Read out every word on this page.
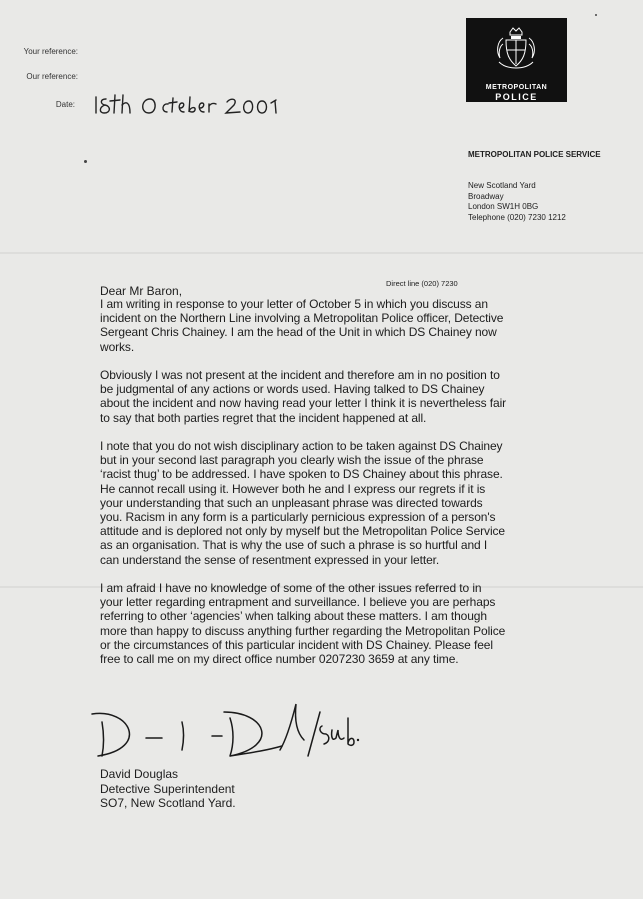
Your reference:
Our reference:
Date:
METROPOLITAN
POLICE
METROPOLITAN POLICE SERVICE
New Scotland Yard
Broadway
London SW1H 0BG
Telephone (020) 7230 1212
Direct line (020) 7230
Dear Mr Baron,

I am writing in response to your letter of October 5 in which you discuss an
incident on the Northern Line involving a Metropolitan Police officer, Detective
Sergeant Chris Chainey. I am the head of the Unit in which DS Chainey now
works.

Obviously I was not present at the incident and therefore am in no position to
be judgmental of any actions or words used. Having talked to DS Chainey
about the incident and now having read your letter I think it is nevertheless fair
to say that both parties regret that the incident happened at all.

I note that you do not wish disciplinary action to be taken against DS Chainey
but in your second last paragraph you clearly wish the issue of the phrase
‘racist thug’ to be addressed. I have spoken to DS Chainey about this phrase.
He cannot recall using it. However both he and I express our regrets if it is
your understanding that such an unpleasant phrase was directed towards
you. Racism in any form is a particularly pernicious expression of a person's
attitude and is deplored not only by myself but the Metropolitan Police Service
as an organisation. That is why the use of such a phrase is so hurtful and I
can understand the sense of resentment expressed in your letter.

I am afraid I have no knowledge of some of the other issues referred to in
your letter regarding entrapment and surveillance. I believe you are perhaps
referring to other ‘agencies’ when talking about these matters. I am though
more than happy to discuss anything further regarding the Metropolitan Police
or the circumstances of this particular incident with DS Chainey. Please feel
free to call me on my direct office number 0207230 3659 at any time.

David Douglas
Detective Superintendent
SO7, New Scotland Yard.
